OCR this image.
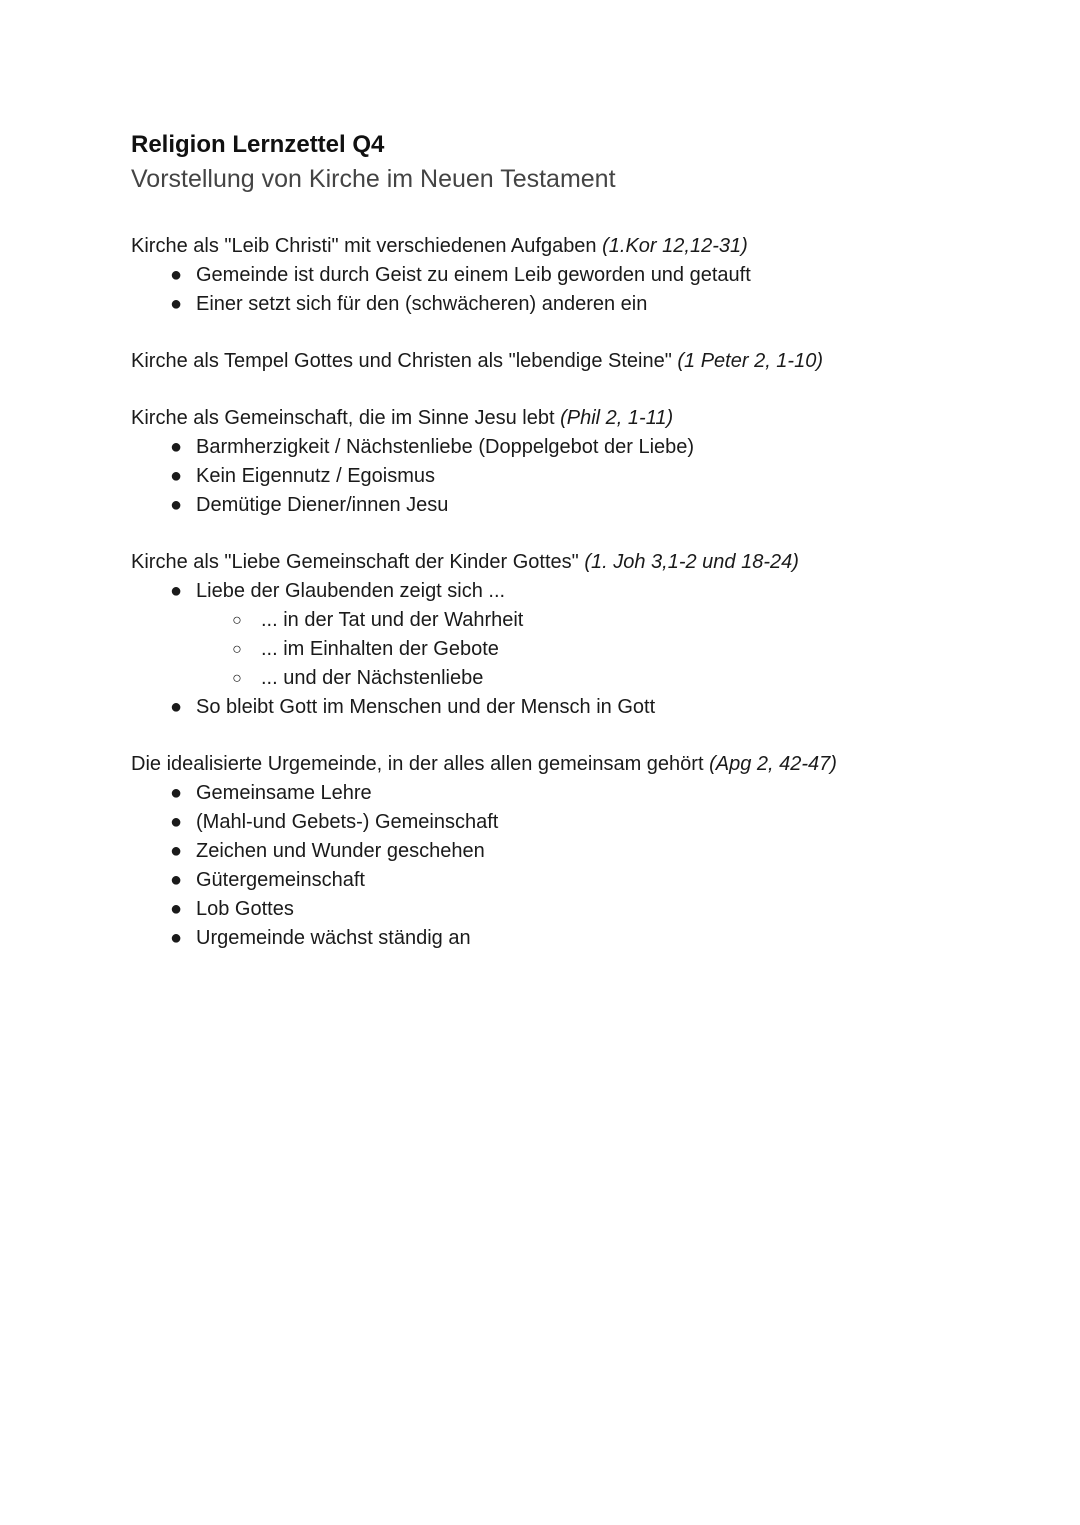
Religion Lernzettel Q4
Vorstellung von Kirche im Neuen Testament

Kirche als "Leib Christi" mit verschiedenen Aufgaben (1.Kor 12,12-31)

● Gemeinde ist durch Geist zu einem Leib geworden und getauft
● Einer setzt sich für den (schwächeren) anderen ein

Kirche als Tempel Gottes und Christen als "lebendige Steine" (1 Peter 2, 1-10)

Kirche als Gemeinschaft, die im Sinne Jesu lebt (Phil 2, 1-11)

● Barmherzigkeit / Nächstenliebe (Doppelgebot der Liebe)
● Kein Eigennutz / Egoismus
● Demütige Diener/innen Jesu

Kirche als "Liebe Gemeinschaft der Kinder Gottes" (1. Joh 3,1-2 und 18-24)

● Liebe der Glaubenden zeigt sich ...
○ ... in der Tat und der Wahrheit
○ ... im Einhalten der Gebote
○ ... und der Nächstenliebe
● So bleibt Gott im Menschen und der Mensch in Gott

Die idealisierte Urgemeinde, in der alles allen gemeinsam gehört (Apg 2, 42-47)

● Gemeinsame Lehre
● (Mahl-und Gebets-) Gemeinschaft
● Zeichen und Wunder geschehen
● Gütergemeinschaft
● Lob Gottes
● Urgemeinde wächst ständig an
